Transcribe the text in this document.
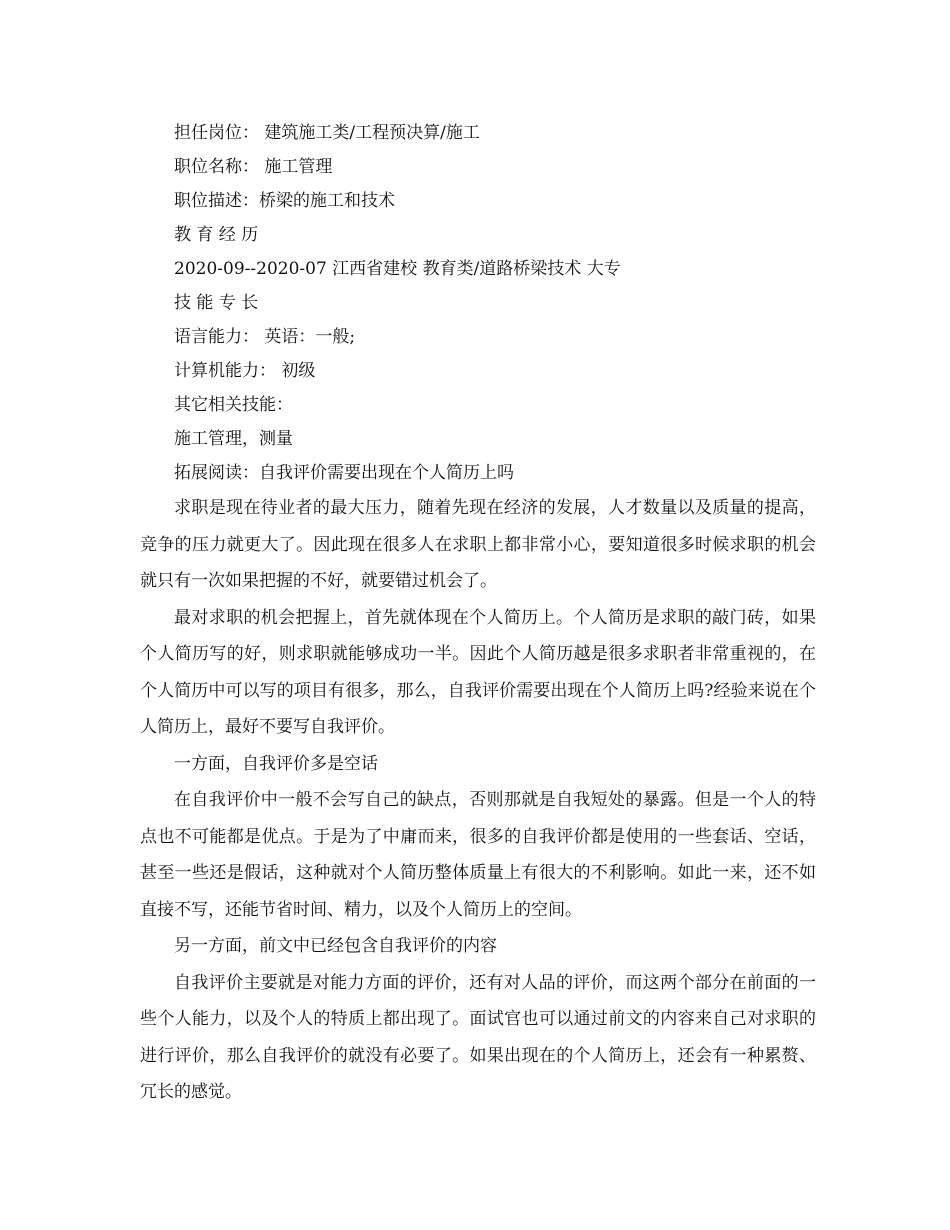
担任岗位： 建筑施工类/工程预决算/施工
职位名称： 施工管理
职位描述：桥梁的施工和技术
教 育 经 历
2020-09--2020-07 江西省建校 教育类/道路桥梁技术 大专
技 能 专 长
语言能力： 英语：一般;
计算机能力： 初级
其它相关技能：
施工管理，测量
拓展阅读：自我评价需要出现在个人简历上吗
求职是现在待业者的最大压力，随着先现在经济的发展，人才数量以及质量的提高，竞争的压力就更大了。因此现在很多人在求职上都非常小心，要知道很多时候求职的机会就只有一次如果把握的不好，就要错过机会了。
最对求职的机会把握上，首先就体现在个人简历上。个人简历是求职的敲门砖，如果个人简历写的好，则求职就能够成功一半。因此个人简历越是很多求职者非常重视的，在个人简历中可以写的项目有很多，那么，自我评价需要出现在个人简历上吗?经验来说在个人简历上，最好不要写自我评价。
一方面，自我评价多是空话
在自我评价中一般不会写自己的缺点，否则那就是自我短处的暴露。但是一个人的特点也不可能都是优点。于是为了中庸而来，很多的自我评价都是使用的一些套话、空话，甚至一些还是假话，这种就对个人简历整体质量上有很大的不利影响。如此一来，还不如直接不写，还能节省时间、精力，以及个人简历上的空间。
另一方面，前文中已经包含自我评价的内容
自我评价主要就是对能力方面的评价，还有对人品的评价，而这两个部分在前面的一些个人能力，以及个人的特质上都出现了。面试官也可以通过前文的内容来自己对求职的进行评价，那么自我评价的就没有必要了。如果出现在的个人简历上，还会有一种累赘、冗长的感觉。
